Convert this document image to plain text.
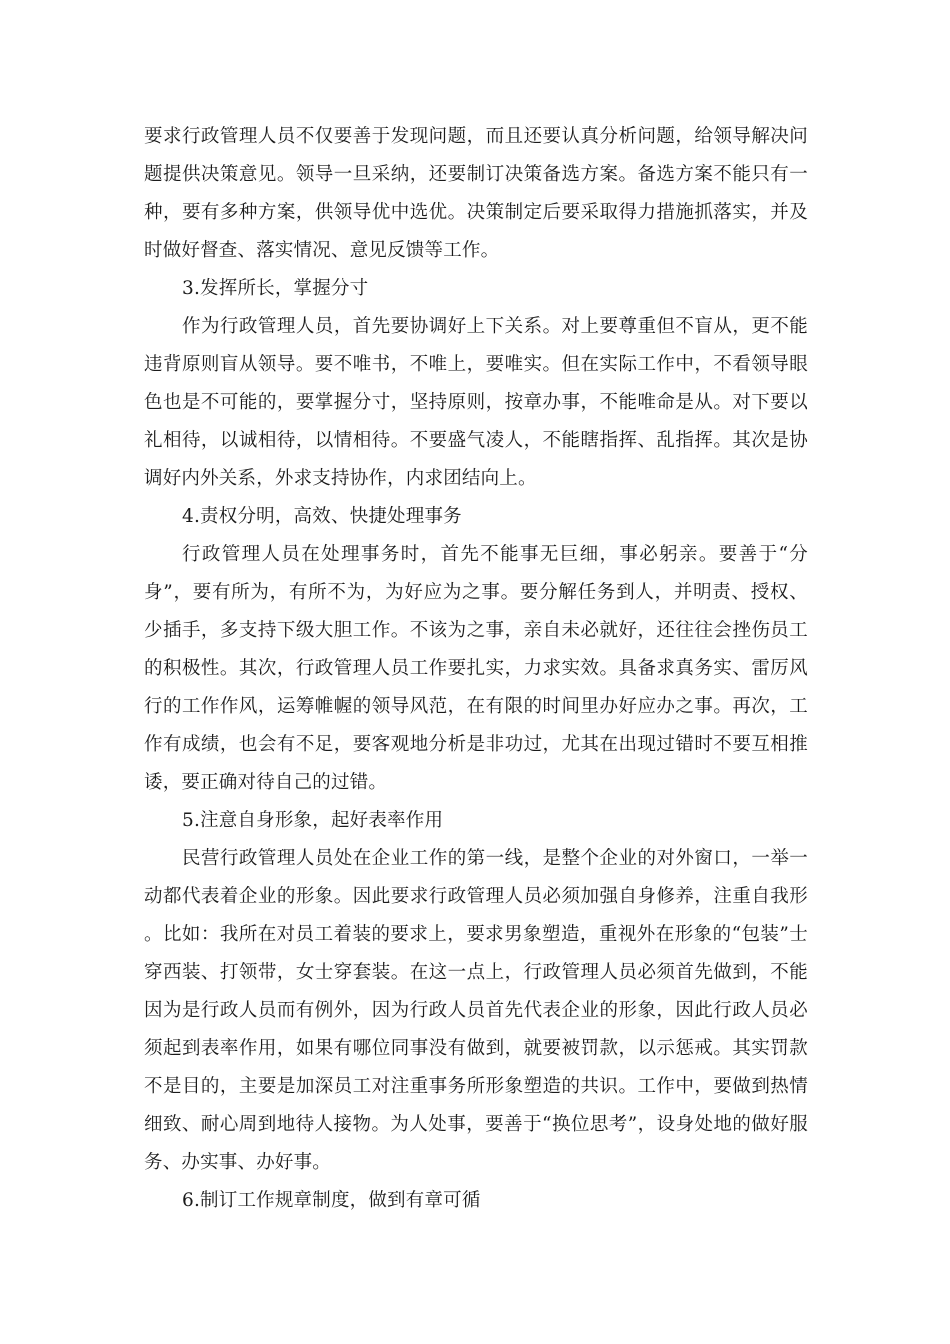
要求行政管理人员不仅要善于发现问题，而且还要认真分析问题，给领导解决问题提供决策意见。领导一旦采纳，还要制订决策备选方案。备选方案不能只有一种，要有多种方案，供领导优中选优。决策制定后要采取得力措施抓落实，并及时做好督查、落实情况、意见反馈等工作。

3.发挥所长，掌握分寸

作为行政管理人员，首先要协调好上下关系。对上要尊重但不盲从，更不能违背原则盲从领导。要不唯书，不唯上，要唯实。但在实际工作中，不看领导眼色也是不可能的，要掌握分寸，坚持原则，按章办事，不能唯命是从。对下要以礼相待，以诚相待，以情相待。不要盛气凌人，不能瞎指挥、乱指挥。其次是协调好内外关系，外求支持协作，内求团结向上。

4.责权分明，高效、快捷处理事务

行政管理人员在处理事务时，首先不能事无巨细，事必躬亲。要善于“分身”，要有所为，有所不为，为好应为之事。要分解任务到人，并明责、授权、少插手，多支持下级大胆工作。不该为之事，亲自未必就好，还往往会挫伤员工的积极性。其次，行政管理人员工作要扎实，力求实效。具备求真务实、雷厉风行的工作作风，运筹帷幄的领导风范，在有限的时间里办好应办之事。再次，工作有成绩，也会有不足，要客观地分析是非功过，尤其在出现过错时不要互相推诿，要正确对待自己的过错。

5.注意自身形象，起好表率作用

民营行政管理人员处在企业工作的第一线，是整个企业的对外窗口，一举一动都代表着企业的形象。因此要求行政管理人员必须加强自身修养，注重自我形 。比如：我所在对员工着装的要求上，要求男象塑造，重视外在形象的“包装”士穿西装、打领带，女士穿套装。在这一点上，行政管理人员必须首先做到，不能因为是行政人员而有例外，因为行政人员首先代表企业的形象，因此行政人员必须起到表率作用，如果有哪位同事没有做到，就要被罚款，以示惩戒。其实罚款不是目的，主要是加深员工对注重事务所形象塑造的共识。工作中，要做到热情细致、耐心周到地待人接物。为人处事，要善于“换位思考”，设身处地的做好服务、办实事、办好事。

6.制订工作规章制度，做到有章可循
